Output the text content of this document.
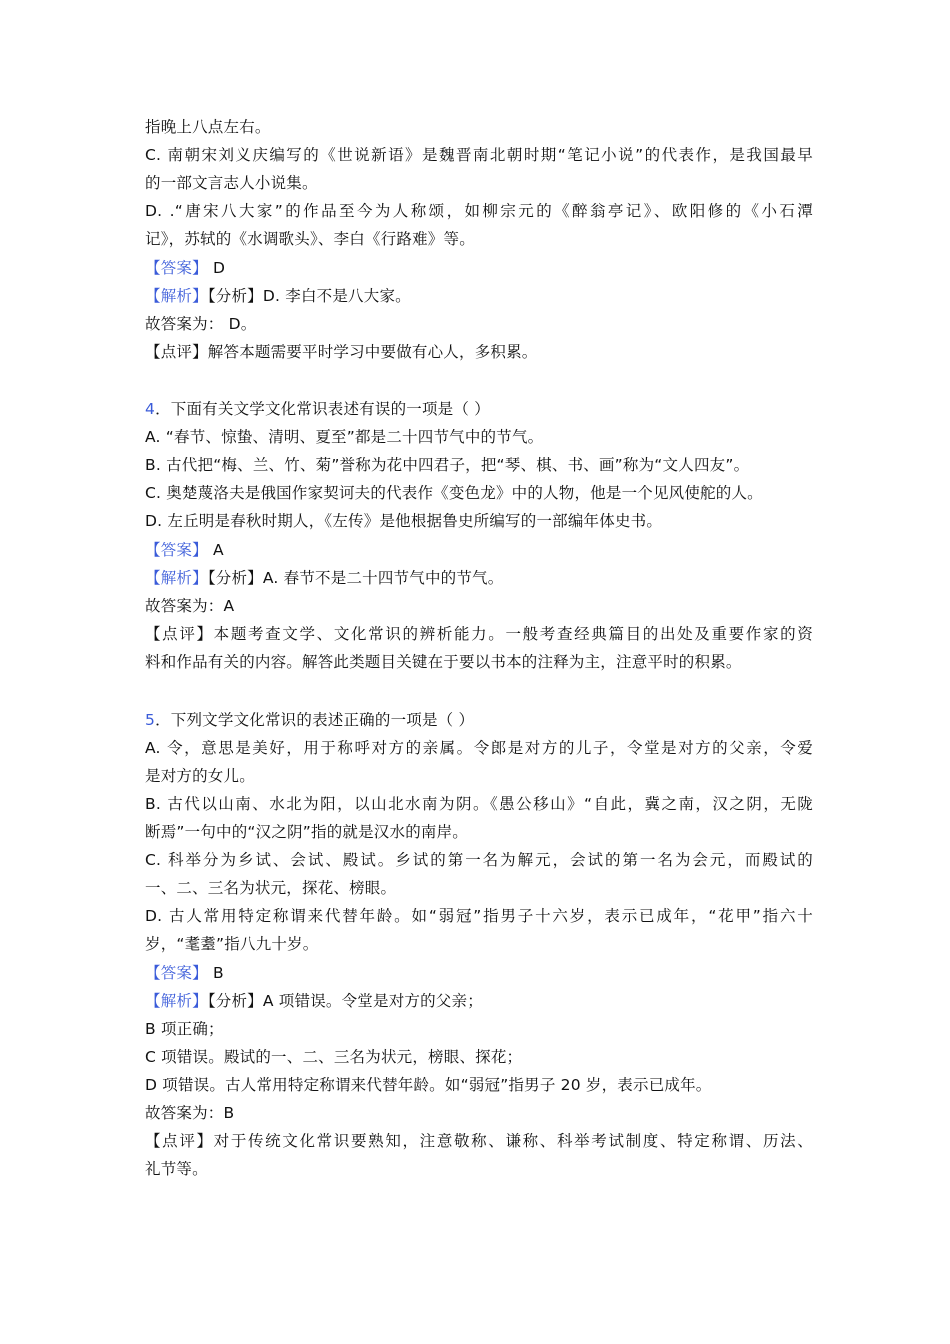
指晚上八点左右。
C. 南朝宋刘义庆编写的《世说新语》是魏晋南北朝时期“笔记小说”的代表作，是我国最早
的一部文言志人小说集。
D. .“唐宋八大家”的作品至今为人称颂，如柳宗元的《醉翁亭记》、欧阳修的《小石潭
记》，苏轼的《水调歌头》、李白《行路难》等。
【答案】 D
【解析】【分析】D. 李白不是八大家。
故答案为： D。
【点评】解答本题需要平时学习中要做有心人，多积累。
4．下面有关文学文化常识表述有误的一项是（ ）
A. “春节、惊蛰、清明、夏至”都是二十四节气中的节气。
B. 古代把“梅、兰、竹、菊”誉称为花中四君子，把“琴、棋、书、画”称为“文人四友”。
C. 奥楚蔑洛夫是俄国作家契诃夫的代表作《变色龙》中的人物，他是一个见风使舵的人。
D. 左丘明是春秋时期人，《左传》是他根据鲁史所编写的一部编年体史书。
【答案】 A
【解析】【分析】A. 春节不是二十四节气中的节气。
故答案为：A
【点评】本题考查文学、文化常识的辨析能力。一般考查经典篇目的出处及重要作家的资
料和作品有关的内容。解答此类题目关键在于要以书本的注释为主，注意平时的积累。
5．下列文学文化常识的表述正确的一项是（ ）
A. 令，意思是美好，用于称呼对方的亲属。令郎是对方的儿子，令堂是对方的父亲，令爱
是对方的女儿。
B. 古代以山南、水北为阳，以山北水南为阴。《愚公移山》“自此，冀之南，汉之阴，无陇
断焉”一句中的“汉之阴”指的就是汉水的南岸。
C. 科举分为乡试、会试、殿试。乡试的第一名为解元，会试的第一名为会元，而殿试的
一、二、三名为状元，探花、榜眼。
D. 古人常用特定称谓来代替年龄。如“弱冠”指男子十六岁，表示已成年，“花甲”指六十
岁，“耄耋”指八九十岁。
【答案】 B
【解析】【分析】A 项错误。令堂是对方的父亲；
B 项正确；
C 项错误。殿试的一、二、三名为状元，榜眼、探花；
D 项错误。古人常用特定称谓来代替年龄。如“弱冠”指男子 20 岁，表示已成年。
故答案为：B
【点评】对于传统文化常识要熟知，注意敬称、谦称、科举考试制度、特定称谓、历法、
礼节等。
